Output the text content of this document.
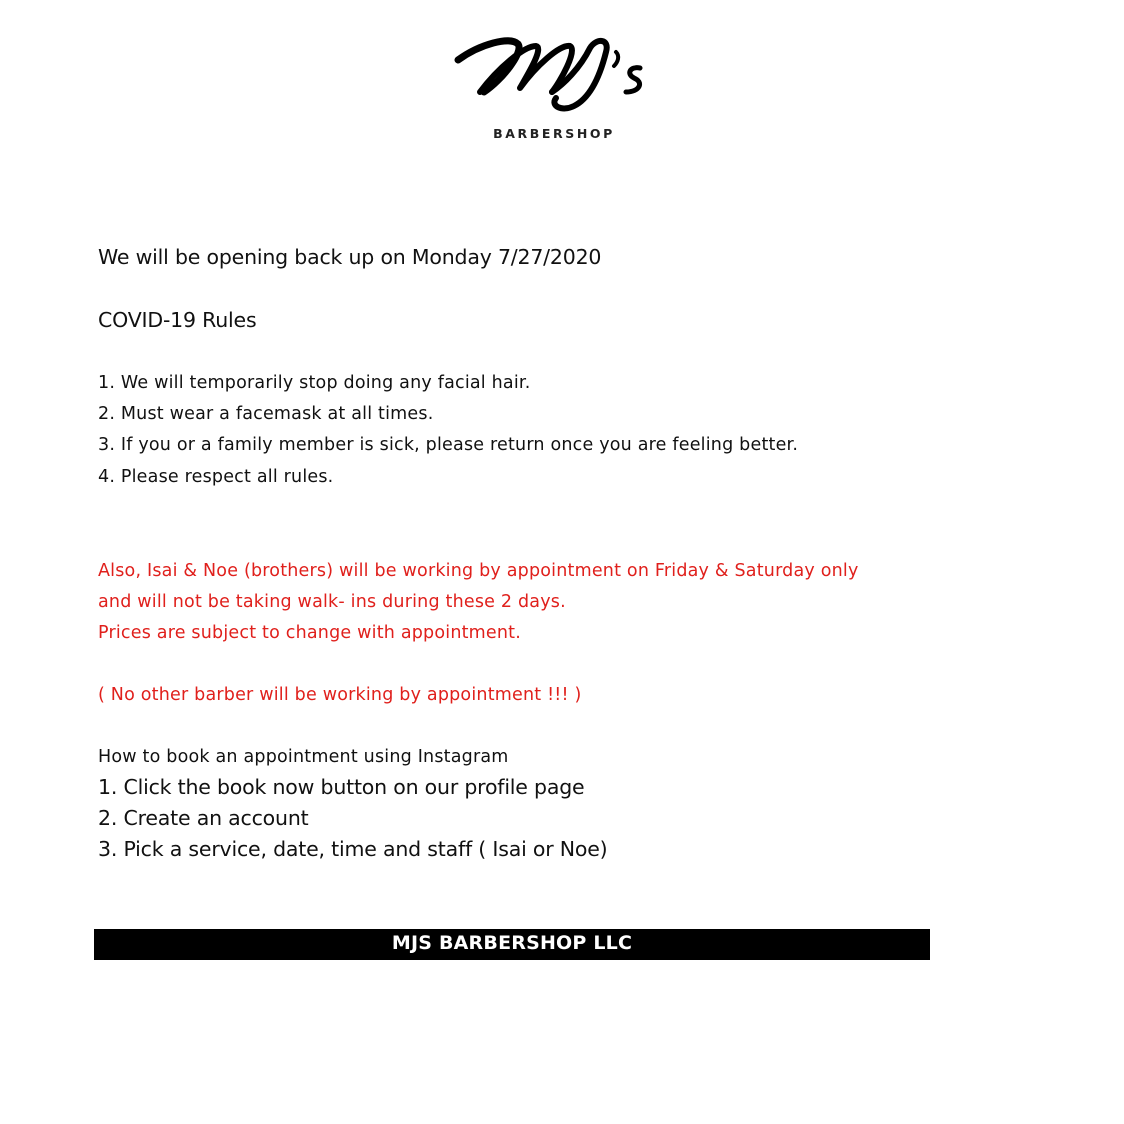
BARBERSHOP
We will be opening back up on Monday 7/27/2020
COVID-19 Rules
1. We will temporarily stop doing any facial hair.
2. Must wear a facemask at all times.
3. If you or a family member is sick, please return once you are feeling better.
4. Please respect all rules.
Also, Isai & Noe (brothers) will be working by appointment on Friday & Saturday only
and will not be taking walk- ins during these 2 days.
Prices are subject to change with appointment.
( No other barber will be working by appointment !!! )
How to book an appointment using Instagram
1. Click the book now button on our profile page
2. Create an account
3. Pick a service, date, time and staff ( Isai or Noe)
MJS BARBERSHOP LLC
